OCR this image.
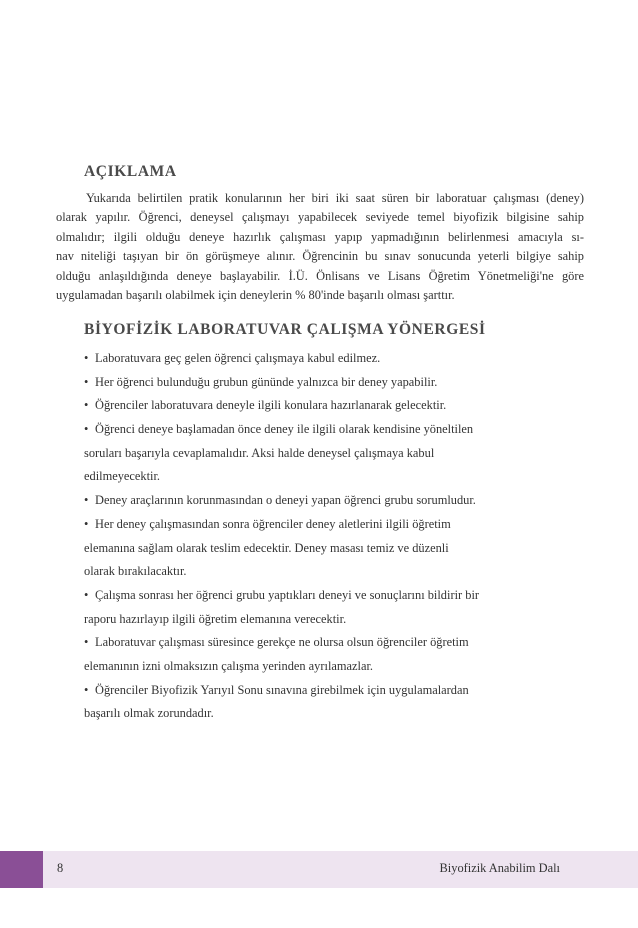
AÇIKLAMA
Yukarıda belirtilen pratik konularının her biri iki saat süren bir laboratuar çalışması (deney)
olarak yapılır. Öğrenci, deneysel çalışmayı yapabilecek seviyede temel biyofizik bilgisine sahip
olmalıdır; ilgili olduğu deneye hazırlık çalışması yapıp yapmadığının belirlenmesi amacıyla sı-
nav niteliği taşıyan bir ön görüşmeye alınır. Öğrencinin bu sınav sonucunda yeterli bilgiye sahip
olduğu anlaşıldığında deneye başlayabilir. İ.Ü. Önlisans ve Lisans Öğretim Yönetmeliği'ne göre
uygulamadan başarılı olabilmek için deneylerin % 80'inde başarılı olması şarttır.
BİYOFİZİK LABORATUVAR ÇALIŞMA YÖNERGESİ
• Laboratuvara geç gelen öğrenci çalışmaya kabul edilmez.
• Her öğrenci bulunduğu grubun gününde yalnızca bir deney yapabilir.
• Öğrenciler laboratuvara deneyle ilgili konulara hazırlanarak gelecektir.
• Öğrenci deneye başlamadan önce deney ile ilgili olarak kendisine yöneltilen
soruları başarıyla cevaplamalıdır. Aksi halde deneysel çalışmaya kabul
edilmeyecektir.
• Deney araçlarının korunmasından o deneyi yapan öğrenci grubu sorumludur.
• Her deney çalışmasından sonra öğrenciler deney aletlerini ilgili öğretim
elemanına sağlam olarak teslim edecektir. Deney masası temiz ve düzenli
olarak bırakılacaktır.
• Çalışma sonrası her öğrenci grubu yaptıkları deneyi ve sonuçlarını bildirir bir
raporu hazırlayıp ilgili öğretim elemanına verecektir.
• Laboratuvar çalışması süresince gerekçe ne olursa olsun öğrenciler öğretim
elemanının izni olmaksızın çalışma yerinden ayrılamazlar.
• Öğrenciler Biyofizik Yarıyıl Sonu sınavına girebilmek için uygulamalardan
başarılı olmak zorundadır.
8	Biyofizik Anabilim Dalı
